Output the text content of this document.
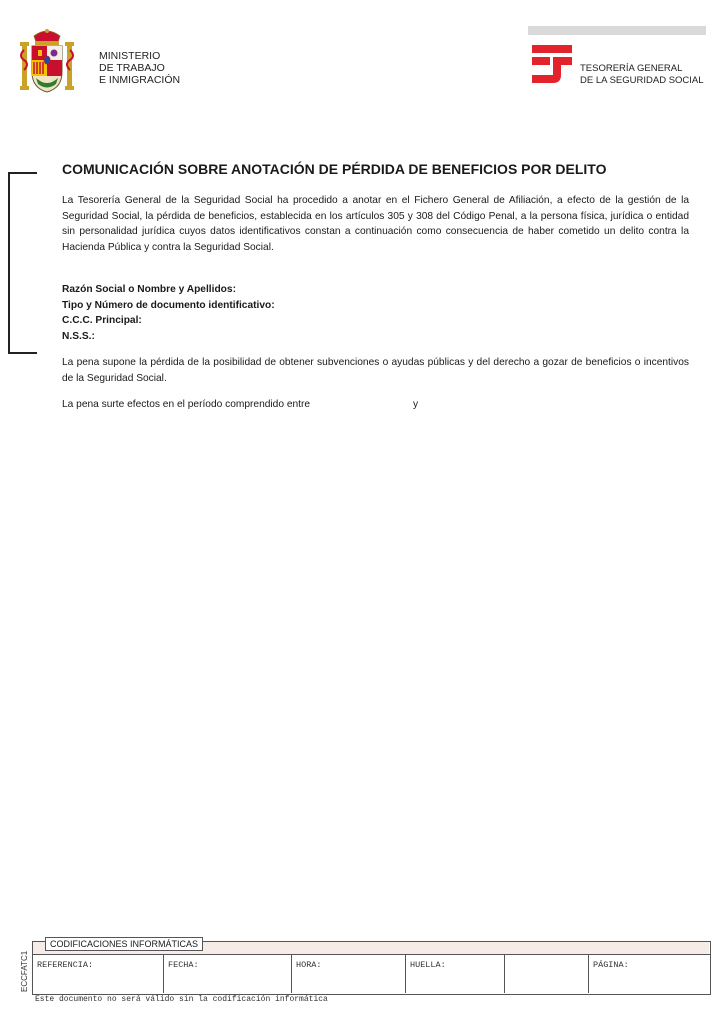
MINISTERIO
DE TRABAJO
E INMIGRACIÓN
TESORERÍA GENERAL
DE LA SEGURIDAD SOCIAL
COMUNICACIÓN SOBRE ANOTACIÓN DE PÉRDIDA DE BENEFICIOS POR DELITO
La Tesorería General de la Seguridad Social ha procedido a anotar en el Fichero General de Afiliación, a efecto de la gestión de la Seguridad Social, la pérdida de beneficios, establecida en los artículos 305 y 308 del Código Penal, a la persona física, jurídica o entidad sin personalidad jurídica cuyos datos identificativos constan a continuación como consecuencia de haber cometido un delito contra la Hacienda Pública y contra la Seguridad Social.
Razón Social o Nombre y Apellidos:
Tipo y Número de documento identificativo:
C.C.C. Principal:
N.S.S.:
La pena supone la pérdida de la posibilidad de obtener subvenciones o ayudas públicas y del derecho a gozar de beneficios o incentivos de la Seguridad Social.
La pena surte efectos en el período comprendido entre	y
CODIFICACIONES INFORMÁTICAS
REFERENCIA:	FECHA:	HORA:	HUELLA:	PÁGINA:
ECCFATC1
Este documento no será válido sin la codificación informática
